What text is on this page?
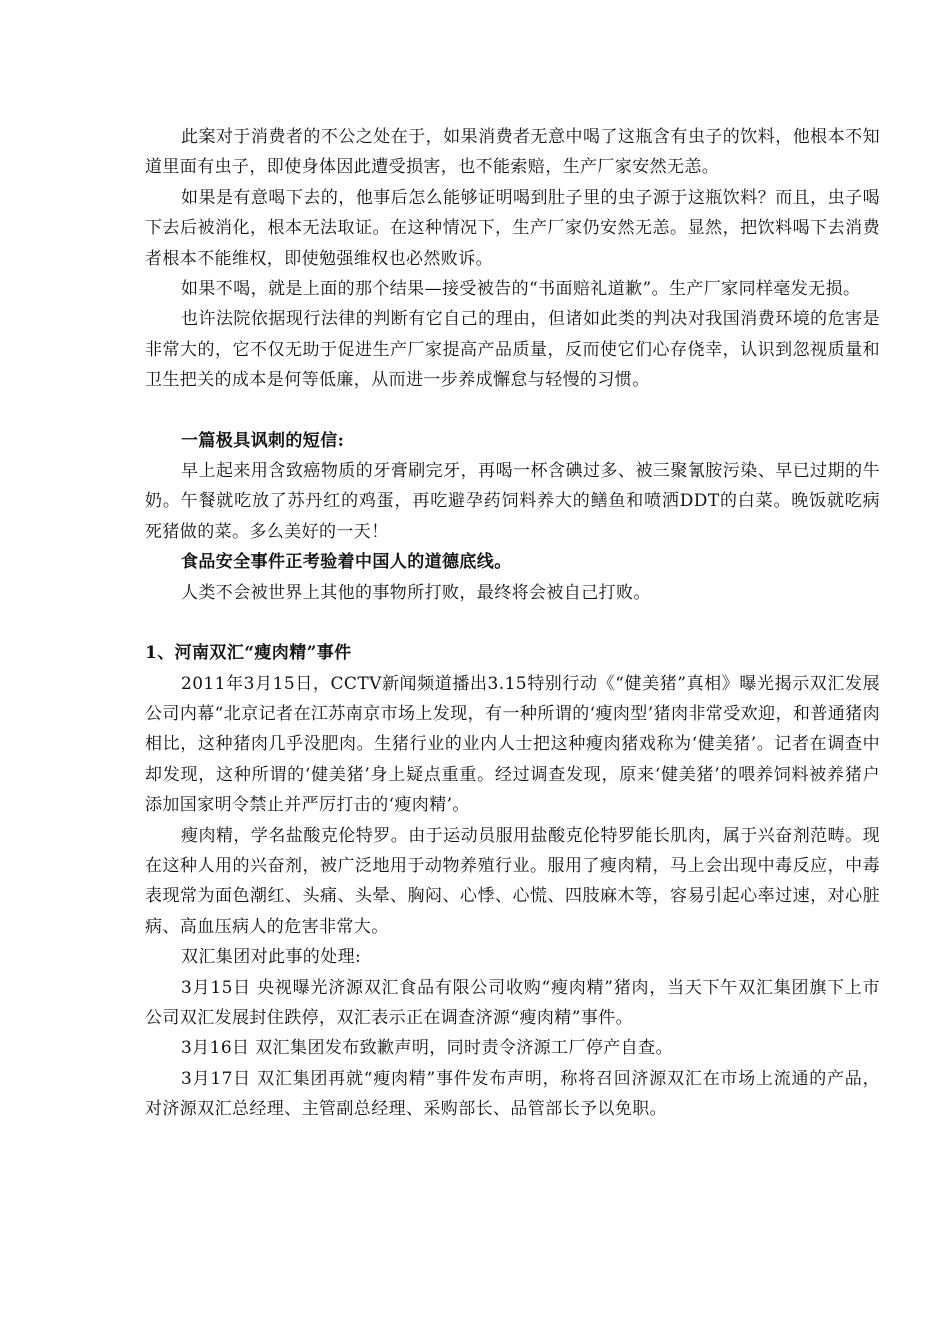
此案对于消费者的不公之处在于，如果消费者无意中喝了这瓶含有虫子的饮料，他根本不知道里面有虫子，即使身体因此遭受损害，也不能索赔，生产厂家安然无恙。

如果是有意喝下去的，他事后怎么能够证明喝到肚子里的虫子源于这瓶饮料？而且，虫子喝下去后被消化，根本无法取证。在这种情况下，生产厂家仍安然无恙。显然，把饮料喝下去消费者根本不能维权，即使勉强维权也必然败诉。

如果不喝，就是上面的那个结果—接受被告的“书面赔礼道歉”。生产厂家同样毫发无损。

也许法院依据现行法律的判断有它自己的理由，但诸如此类的判决对我国消费环境的危害是非常大的，它不仅无助于促进生产厂家提高产品质量，反而使它们心存侥幸，认识到忽视质量和卫生把关的成本是何等低廉，从而进一步养成懈怠与轻慢的习惯。

一篇极具讽刺的短信:

早上起来用含致癌物质的牙膏刷完牙，再喝一杯含碘过多、被三聚氰胺污染、早已过期的牛奶。午餐就吃放了苏丹红的鸡蛋，再吃避孕药饲料养大的鳝鱼和喷洒DDT的白菜。晚饭就吃病死猪做的菜。多么美好的一天！

食品安全事件正考验着中国人的道德底线。

人类不会被世界上其他的事物所打败，最终将会被自己打败。

1、河南双汇“瘦肉精”事件

2011年3月15日，CCTV新闻频道播出3.15特别行动《“健美猪”真相》曝光揭示双汇发展公司内幕“北京记者在江苏南京市场上发现，有一种所谓的‘瘦肉型’猪肉非常受欢迎，和普通猪肉相比，这种猪肉几乎没肥肉。生猪行业的业内人士把这种瘦肉猪戏称为‘健美猪’。记者在调查中却发现，这种所谓的‘健美猪’身上疑点重重。经过调查发现，原来‘健美猪’的喂养饲料被养猪户添加国家明令禁止并严厉打击的‘瘦肉精’。

瘦肉精，学名盐酸克伦特罗。由于运动员服用盐酸克伦特罗能长肌肉，属于兴奋剂范畴。现在这种人用的兴奋剂，被广泛地用于动物养殖行业。服用了瘦肉精，马上会出现中毒反应，中毒表现常为面色潮红、头痛、头晕、胸闷、心悸、心慌、四肢麻木等，容易引起心率过速，对心脏病、高血压病人的危害非常大。

双汇集团对此事的处理:

3月15日 央视曝光济源双汇食品有限公司收购“瘦肉精”猪肉，当天下午双汇集团旗下上市公司双汇发展封住跌停，双汇表示正在调查济源“瘦肉精”事件。

3月16日 双汇集团发布致歉声明，同时责令济源工厂停产自查。

3月17日 双汇集团再就“瘦肉精”事件发布声明，称将召回济源双汇在市场上流通的产品，对济源双汇总经理、主管副总经理、采购部长、品管部长予以免职。
